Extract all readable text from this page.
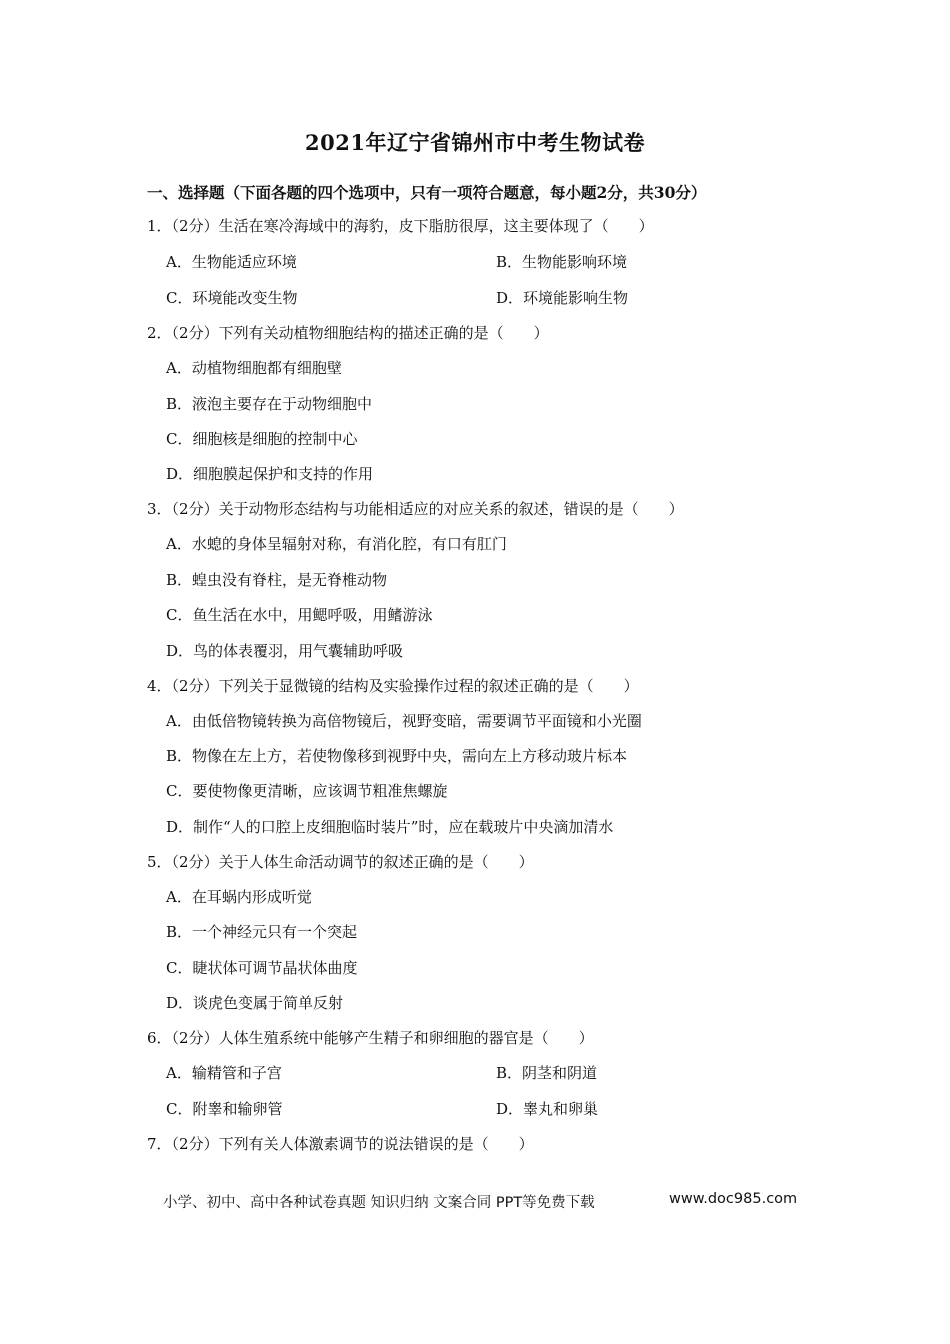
2021年辽宁省锦州市中考生物试卷
一、选择题（下面各题的四个选项中，只有一项符合题意，每小题2分，共30分）
1．（2分）生活在寒冷海域中的海豹，皮下脂肪很厚，这主要体现了（　　）
A．生物能适应环境	B．生物能影响环境
C．环境能改变生物	D．环境能影响生物
2．（2分）下列有关动植物细胞结构的描述正确的是（　　）
A．动植物细胞都有细胞壁
B．液泡主要存在于动物细胞中
C．细胞核是细胞的控制中心
D．细胞膜起保护和支持的作用
3．（2分）关于动物形态结构与功能相适应的对应关系的叙述，错误的是（　　）
A．水螅的身体呈辐射对称，有消化腔，有口有肛门
B．蝗虫没有脊柱，是无脊椎动物
C．鱼生活在水中，用鳃呼吸，用鳍游泳
D．鸟的体表覆羽，用气囊辅助呼吸
4．（2分）下列关于显微镜的结构及实验操作过程的叙述正确的是（　　）
A．由低倍物镜转换为高倍物镜后，视野变暗，需要调节平面镜和小光圈
B．物像在左上方，若使物像移到视野中央，需向左上方移动玻片标本
C．要使物像更清晰，应该调节粗准焦螺旋
D．制作“人的口腔上皮细胞临时装片”时，应在载玻片中央滴加清水
5．（2分）关于人体生命活动调节的叙述正确的是（　　）
A．在耳蜗内形成听觉
B．一个神经元只有一个突起
C．睫状体可调节晶状体曲度
D．谈虎色变属于简单反射
6．（2分）人体生殖系统中能够产生精子和卵细胞的器官是（　　）
A．输精管和子宫	B．阴茎和阴道
C．附睾和输卵管	D．睾丸和卵巢
7．（2分）下列有关人体激素调节的说法错误的是（　　）
小学、初中、高中各种试卷真题 知识归纳 文案合同 PPT等免费下载	www.doc985.com
